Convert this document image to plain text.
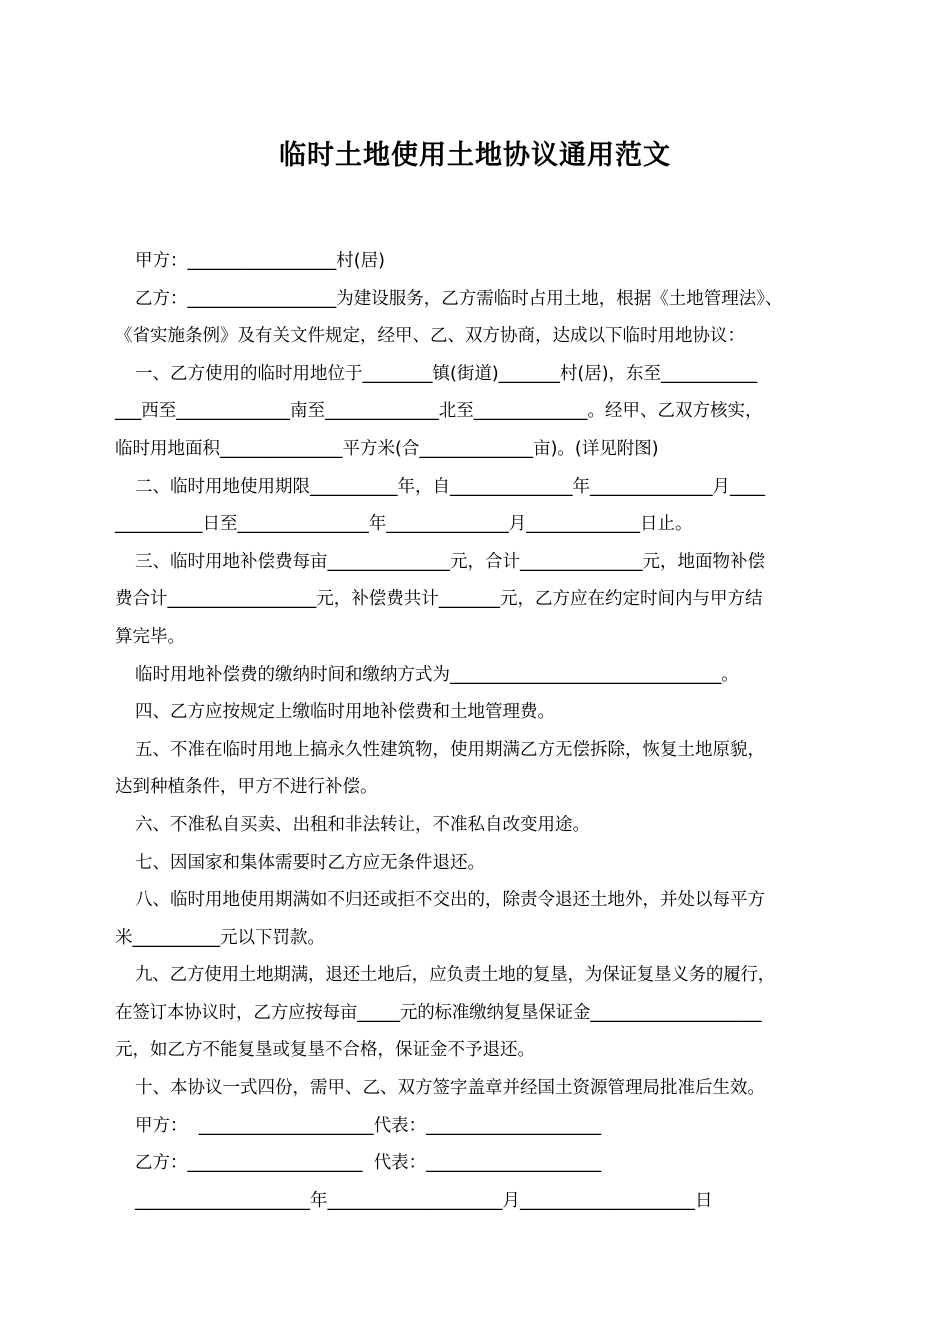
临时土地使用土地协议通用范文
甲方：_________________村(居)
乙方：_________________为建设服务，乙方需临时占用土地，根据《土地管理法》、
《省实施条例》及有关文件规定，经甲、乙、双方协商，达成以下临时用地协议：
一、乙方使用的临时用地位于________镇(街道)_______村(居)，东至___________
___西至_____________南至_____________北至_____________。经甲、乙双方核实，
临时用地面积______________平方米(合_____________亩)。(详见附图)
二、临时用地使用期限__________年，自______________年______________月____
__________日至_______________年______________月_____________日止。
三、临时用地补偿费每亩______________元，合计______________元，地面物补偿
费合计_________________元，补偿费共计_______元，乙方应在约定时间内与甲方结
算完毕。
临时用地补偿费的缴纳时间和缴纳方式为_______________________________。
四、乙方应按规定上缴临时用地补偿费和土地管理费。
五、不准在临时用地上搞永久性建筑物，使用期满乙方无偿拆除，恢复土地原貌，
达到种植条件，甲方不进行补偿。
六、不准私自买卖、出租和非法转让，不准私自改变用途。
七、因国家和集体需要时乙方应无条件退还。
八、临时用地使用期满如不归还或拒不交出的，除责令退还土地外，并处以每平方
米__________元以下罚款。
九、乙方使用土地期满，退还土地后，应负责土地的复垦，为保证复垦义务的履行，
在签订本协议时，乙方应按每亩_____元的标准缴纳复垦保证金____________________
元，如乙方不能复垦或复垦不合格，保证金不予退还。
十、本协议一式四份，需甲、乙、双方签字盖章并经国土资源管理局批准后生效。
甲方：  ____________________代表：____________________
乙方：____________________  代表：____________________
____________________年____________________月____________________日
